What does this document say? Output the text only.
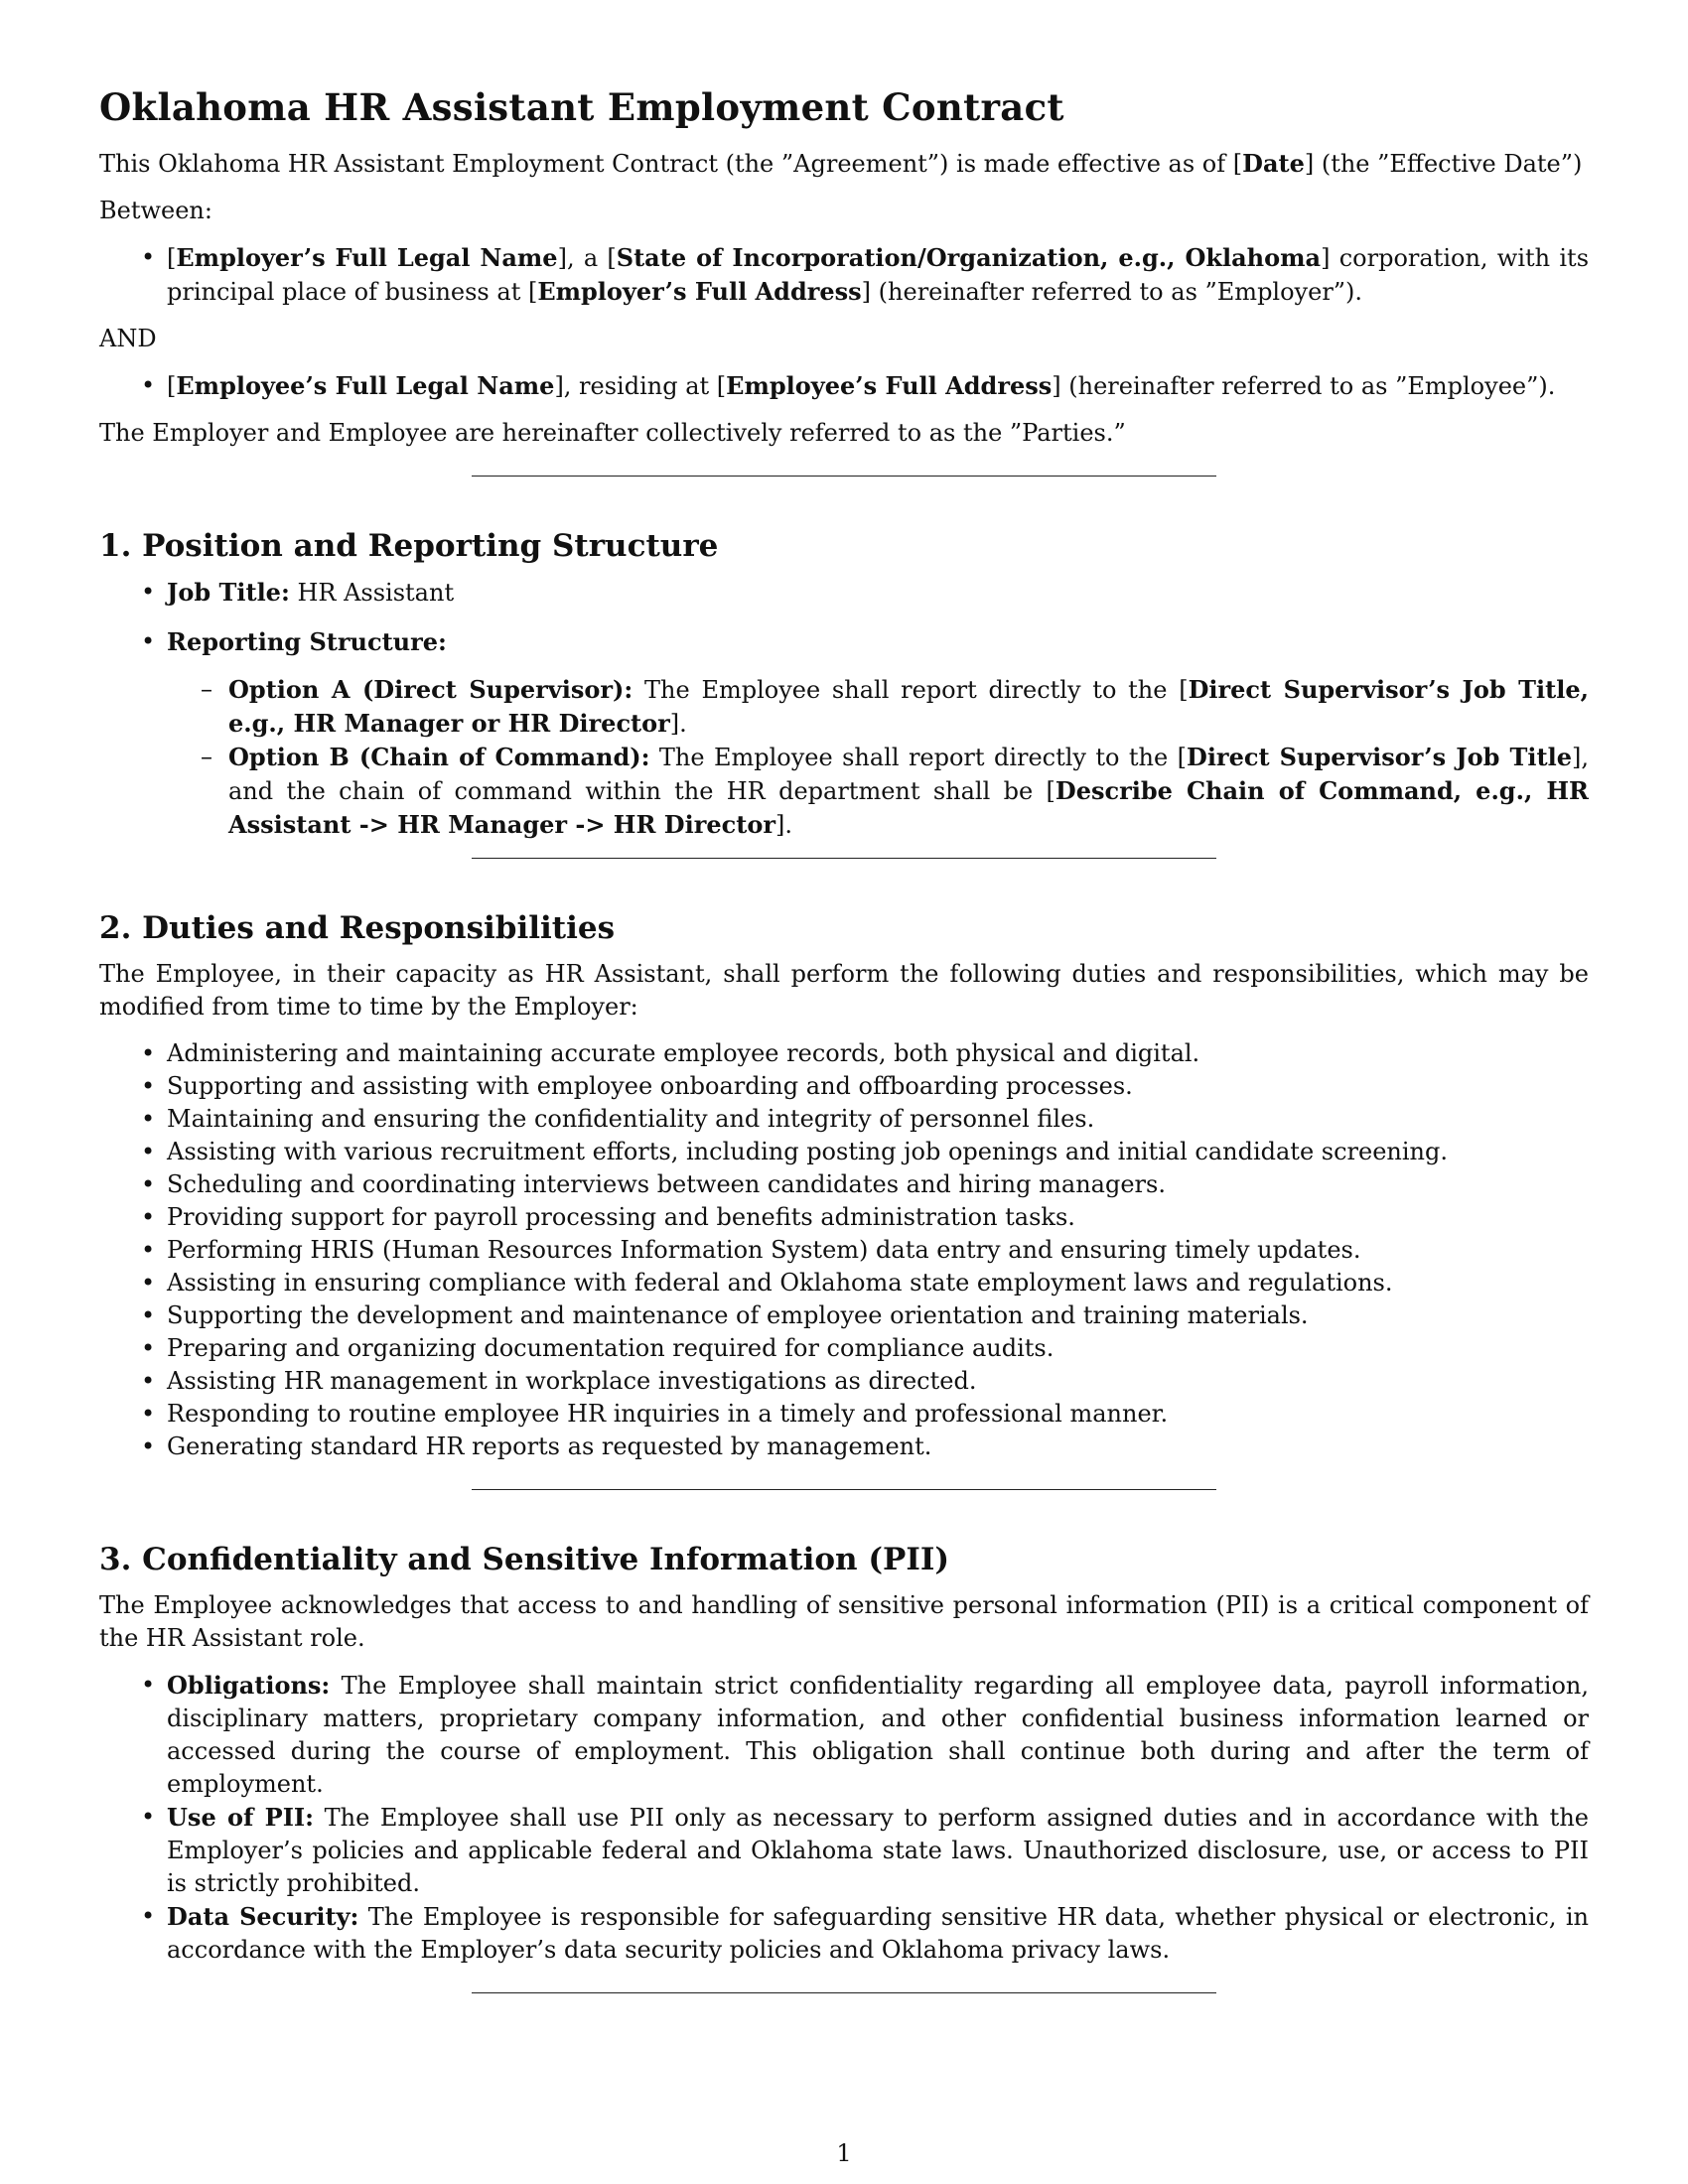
Oklahoma HR Assistant Employment Contract

This Oklahoma HR Assistant Employment Contract (the ”Agreement”) is made effective as of [Date] (the ”Effective Date”)

Between:

• [Employer’s Full Legal Name], a [State of Incorporation/Organization, e.g., Oklahoma] corporation, with its principal place of business at [Employer’s Full Address] (hereinafter referred to as ”Employer”).

AND

• [Employee’s Full Legal Name], residing at [Employee’s Full Address] (hereinafter referred to as ”Employee”).

The Employer and Employee are hereinafter collectively referred to as the ”Parties.”

1. Position and Reporting Structure
• Job Title: HR Assistant
• Reporting Structure:
– Option A (Direct Supervisor): The Employee shall report directly to the [Direct Supervisor’s Job Title, e.g., HR Manager or HR Director].
– Option B (Chain of Command): The Employee shall report directly to the [Direct Supervisor’s Job Title], and the chain of command within the HR department shall be [Describe Chain of Command, e.g., HR Assistant -> HR Manager -> HR Director].
2. Duties and Responsibilities

The Employee, in their capacity as HR Assistant, shall perform the following duties and responsibilities, which may be modified from time to time by the Employer:

• Administering and maintaining accurate employee records, both physical and digital.
• Supporting and assisting with employee onboarding and offboarding processes.
• Maintaining and ensuring the confidentiality and integrity of personnel files.
• Assisting with various recruitment efforts, including posting job openings and initial candidate screening.
• Scheduling and coordinating interviews between candidates and hiring managers.
• Providing support for payroll processing and benefits administration tasks.
• Performing HRIS (Human Resources Information System) data entry and ensuring timely updates.
• Assisting in ensuring compliance with federal and Oklahoma state employment laws and regulations.
• Supporting the development and maintenance of employee orientation and training materials.
• Preparing and organizing documentation required for compliance audits.
• Assisting HR management in workplace investigations as directed.
• Responding to routine employee HR inquiries in a timely and professional manner.
• Generating standard HR reports as requested by management.
3. Confidentiality and Sensitive Information (PII)

The Employee acknowledges that access to and handling of sensitive personal information (PII) is a critical component of the HR Assistant role.

• Obligations: The Employee shall maintain strict confidentiality regarding all employee data, payroll information, disciplinary matters, proprietary company information, and other confidential business information learned or accessed during the course of employment. This obligation shall continue both during and after the term of employment.
• Use of PII: The Employee shall use PII only as necessary to perform assigned duties and in accordance with the Employer’s policies and applicable federal and Oklahoma state laws. Unauthorized disclosure, use, or access to PII is strictly prohibited.
• Data Security: The Employee is responsible for safeguarding sensitive HR data, whether physical or electronic, in accordance with the Employer’s data security policies and Oklahoma privacy laws.
1
